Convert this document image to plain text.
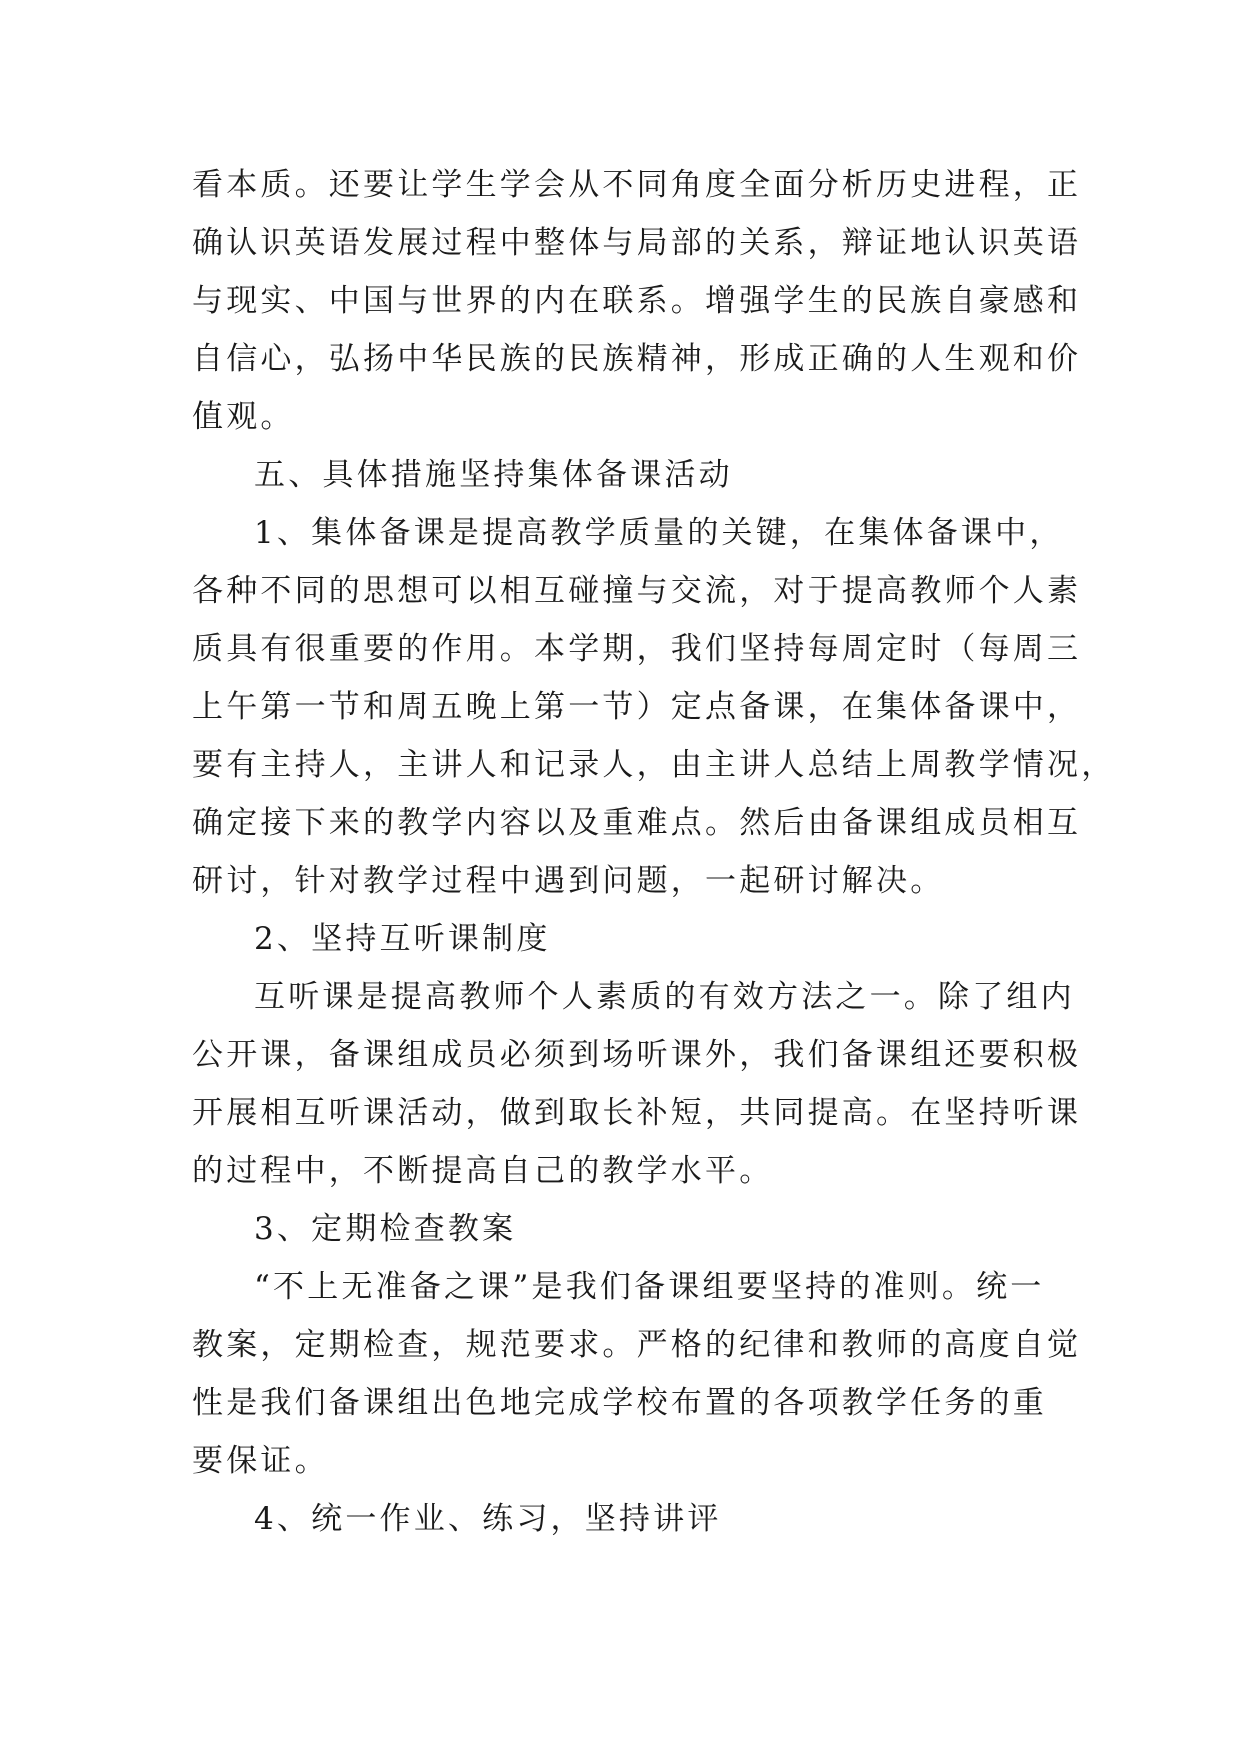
看本质。还要让学生学会从不同角度全面分析历史进程，正
确认识英语发展过程中整体与局部的关系，辩证地认识英语
与现实、中国与世界的内在联系。增强学生的民族自豪感和
自信心，弘扬中华民族的民族精神，形成正确的人生观和价
值观。
五、具体措施坚持集体备课活动
1、集体备课是提高教学质量的关键，在集体备课中，
各种不同的思想可以相互碰撞与交流，对于提高教师个人素
质具有很重要的作用。本学期，我们坚持每周定时（每周三
上午第一节和周五晚上第一节）定点备课，在集体备课中，
要有主持人，主讲人和记录人，由主讲人总结上周教学情况，
确定接下来的教学内容以及重难点。然后由备课组成员相互
研讨，针对教学过程中遇到问题，一起研讨解决。
2、坚持互听课制度
互听课是提高教师个人素质的有效方法之一。除了组内
公开课，备课组成员必须到场听课外，我们备课组还要积极
开展相互听课活动，做到取长补短，共同提高。在坚持听课
的过程中，不断提高自己的教学水平。
3、定期检查教案
“不上无准备之课”是我们备课组要坚持的准则。统一
教案，定期检查，规范要求。严格的纪律和教师的高度自觉
性是我们备课组出色地完成学校布置的各项教学任务的重
要保证。
4、统一作业、练习，坚持讲评
